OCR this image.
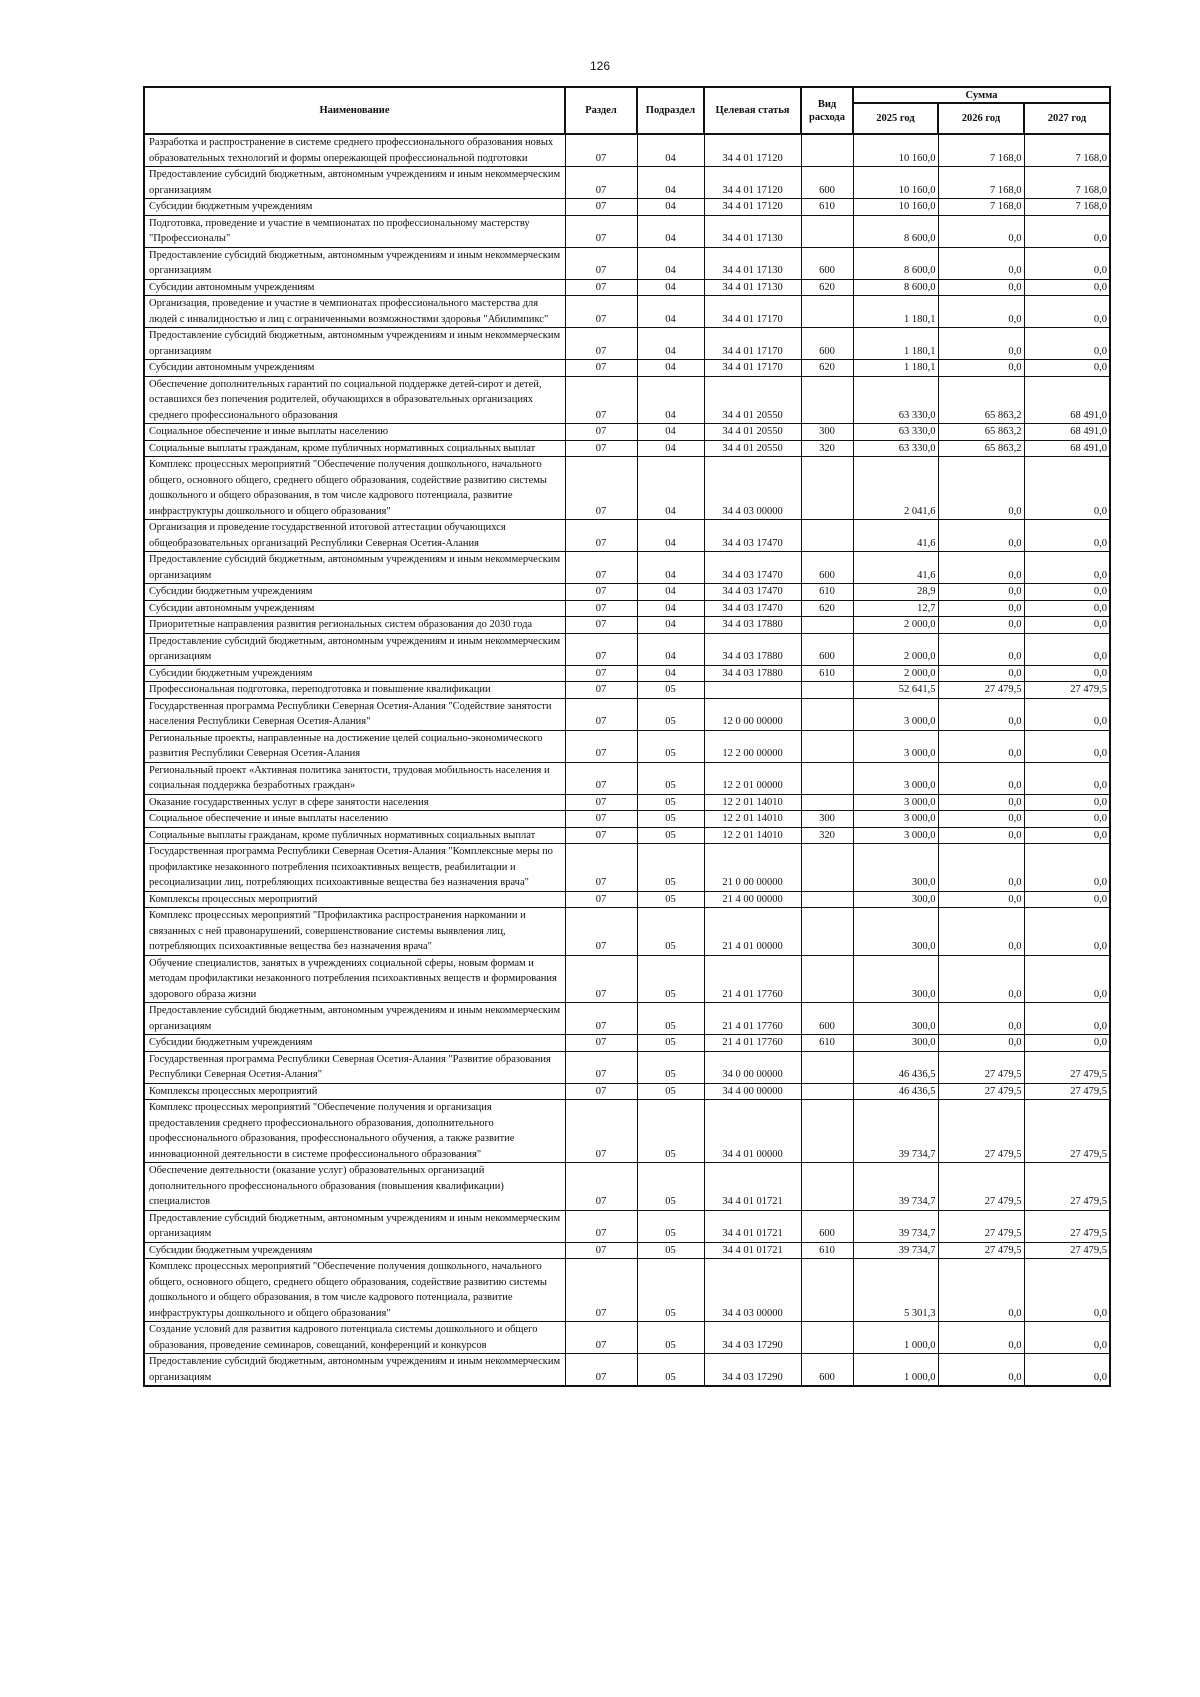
126
Наименование	Раздел	Подраздел	Целевая статья	Вид расхода	Сумма		
					2025 год	2026 год	2027 год
Разработка и распространение в системе среднего профессионального образования новых образовательных технологий и формы опережающей профессиональной подготовки	07	04	34 4 01 17120		10 160,0	7 168,0	7 168,0
Предоставление субсидий бюджетным, автономным учреждениям и иным некоммерческим организациям	07	04	34 4 01 17120	600	10 160,0	7 168,0	7 168,0
Субсидии бюджетным учреждениям	07	04	34 4 01 17120	610	10 160,0	7 168,0	7 168,0
Подготовка, проведение и участие в чемпионатах по профессиональному мастерству "Профессионалы"	07	04	34 4 01 17130		8 600,0	0,0	0,0
Предоставление субсидий бюджетным, автономным учреждениям и иным некоммерческим организациям	07	04	34 4 01 17130	600	8 600,0	0,0	0,0
Субсидии автономным учреждениям	07	04	34 4 01 17130	620	8 600,0	0,0	0,0
Организация, проведение и участие в чемпионатах профессионального мастерства для людей с инвалидностью и лиц с ограниченными возможностями здоровья "Абилимпикс"	07	04	34 4 01 17170		1 180,1	0,0	0,0
Предоставление субсидий бюджетным, автономным учреждениям и иным некоммерческим организациям	07	04	34 4 01 17170	600	1 180,1	0,0	0,0
Субсидии автономным учреждениям	07	04	34 4 01 17170	620	1 180,1	0,0	0,0
Обеспечение дополнительных гарантий по социальной поддержке детей-сирот и детей, оставшихся без попечения родителей, обучающихся в образовательных организациях среднего профессионального образования	07	04	34 4 01 20550		63 330,0	65 863,2	68 491,0
Социальное обеспечение и иные выплаты населению	07	04	34 4 01 20550	300	63 330,0	65 863,2	68 491,0
Социальные выплаты гражданам, кроме публичных нормативных социальных выплат	07	04	34 4 01 20550	320	63 330,0	65 863,2	68 491,0
Комплекс процессных мероприятий "Обеспечение получения дошкольного, начального общего, основного общего, среднего общего образования, содействие развитию системы дошкольного и общего образования, в том числе кадрового потенциала, развитие инфраструктуры дошкольного и общего образования"	07	04	34 4 03 00000		2 041,6	0,0	0,0
Организация и проведение государственной итоговой аттестации обучающихся общеобразовательных организаций Республики Северная Осетия-Алания	07	04	34 4 03 17470		41,6	0,0	0,0
Предоставление субсидий бюджетным, автономным учреждениям и иным некоммерческим организациям	07	04	34 4 03 17470	600	41,6	0,0	0,0
Субсидии бюджетным учреждениям	07	04	34 4 03 17470	610	28,9	0,0	0,0
Субсидии автономным учреждениям	07	04	34 4 03 17470	620	12,7	0,0	0,0
Приоритетные направления развития региональных систем образования до 2030 года	07	04	34 4 03 17880		2 000,0	0,0	0,0
Предоставление субсидий бюджетным, автономным учреждениям и иным некоммерческим организациям	07	04	34 4 03 17880	600	2 000,0	0,0	0,0
Субсидии бюджетным учреждениям	07	04	34 4 03 17880	610	2 000,0	0,0	0,0
Профессиональная подготовка, переподготовка и повышение квалификации	07	05			52 641,5	27 479,5	27 479,5
Государственная программа Республики Северная Осетия-Алания "Содействие занятости населения Республики Северная Осетия-Алания"	07	05	12 0 00 00000		3 000,0	0,0	0,0
Региональные проекты, направленные на достижение целей социально-экономического развития Республики Северная Осетия-Алания	07	05	12 2 00 00000		3 000,0	0,0	0,0
Региональный проект «Активная политика занятости, трудовая мобильность населения и социальная поддержка безработных граждан»	07	05	12 2 01 00000		3 000,0	0,0	0,0
Оказание государственных услуг в сфере занятости населения	07	05	12 2 01 14010		3 000,0	0,0	0,0
Социальное обеспечение и иные выплаты населению	07	05	12 2 01 14010	300	3 000,0	0,0	0,0
Социальные выплаты гражданам, кроме публичных нормативных социальных выплат	07	05	12 2 01 14010	320	3 000,0	0,0	0,0
Государственная программа Республики Северная Осетия-Алания "Комплексные меры по профилактике незаконного потребления психоактивных веществ, реабилитации и ресоциализации лиц, потребляющих психоактивные вещества без назначения врача"	07	05	21 0 00 00000		300,0	0,0	0,0
Комплексы процессных мероприятий	07	05	21 4 00 00000		300,0	0,0	0,0
Комплекс процессных мероприятий "Профилактика распространения наркомании и связанных с ней правонарушений, совершенствование системы выявления лиц, потребляющих психоактивные вещества без назначения врача"	07	05	21 4 01 00000		300,0	0,0	0,0
Обучение специалистов, занятых в учреждениях социальной сферы, новым формам и методам профилактики незаконного потребления психоактивных веществ и формирования здорового образа жизни	07	05	21 4 01 17760		300,0	0,0	0,0
Предоставление субсидий бюджетным, автономным учреждениям и иным некоммерческим организациям	07	05	21 4 01 17760	600	300,0	0,0	0,0
Субсидии бюджетным учреждениям	07	05	21 4 01 17760	610	300,0	0,0	0,0
Государственная программа Республики Северная Осетия-Алания "Развитие образования Республики Северная Осетия-Алания"	07	05	34 0 00 00000		46 436,5	27 479,5	27 479,5
Комплексы процессных мероприятий	07	05	34 4 00 00000		46 436,5	27 479,5	27 479,5
Комплекс процессных мероприятий "Обеспечение получения и организация предоставления среднего профессионального образования, дополнительного профессионального образования, профессионального обучения, а также развитие инновационной деятельности в системе профессионального образования"	07	05	34 4 01 00000		39 734,7	27 479,5	27 479,5
Обеспечение деятельности (оказание услуг) образовательных организаций дополнительного профессионального образования (повышения квалификации) специалистов	07	05	34 4 01 01721		39 734,7	27 479,5	27 479,5
Предоставление субсидий бюджетным, автономным учреждениям и иным некоммерческим организациям	07	05	34 4 01 01721	600	39 734,7	27 479,5	27 479,5
Субсидии бюджетным учреждениям	07	05	34 4 01 01721	610	39 734,7	27 479,5	27 479,5
Комплекс процессных мероприятий "Обеспечение получения дошкольного, начального общего, основного общего, среднего общего образования, содействие развитию системы дошкольного и общего образования, в том числе кадрового потенциала, развитие инфраструктуры дошкольного и общего образования"	07	05	34 4 03 00000		5 301,3	0,0	0,0
Создание условий для развития кадрового потенциала системы дошкольного и общего образования, проведение семинаров, совещаний, конференций и конкурсов	07	05	34 4 03 17290		1 000,0	0,0	0,0
Предоставление субсидий бюджетным, автономным учреждениям и иным некоммерческим организациям	07	05	34 4 03 17290	600	1 000,0	0,0	0,0
